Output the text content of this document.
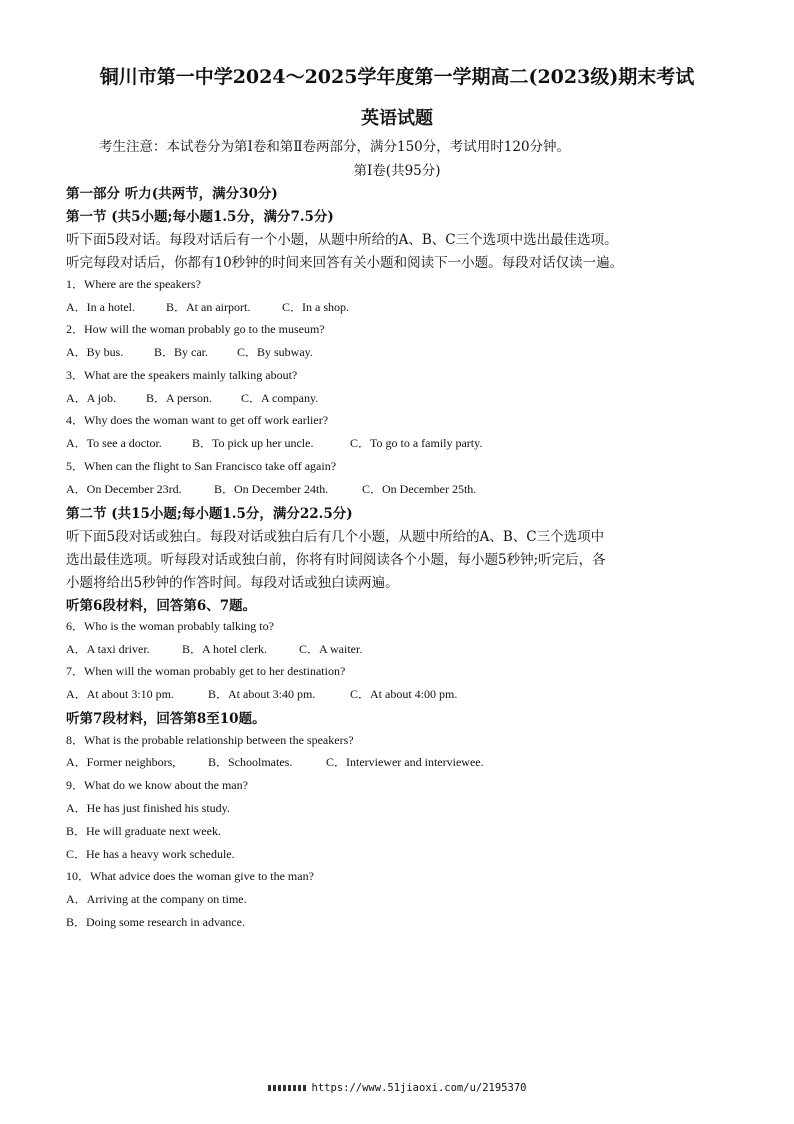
铜川市第一中学2024～2025学年度第一学期高二(2023级)期末考试
英语试题
考生注意：本试卷分为第Ⅰ卷和第Ⅱ卷两部分，满分150分，考试用时120分钟。
第Ⅰ卷(共95分)
第一部分 听力(共两节，满分30分)
第一节 (共5小题;每小题1.5分，满分7.5分)
听下面5段对话。每段对话后有一个小题，从题中所给的A、B、C三个选项中选出最佳选项。
听完每段对话后，你都有10秒钟的时间来回答有关小题和阅读下一小题。每段对话仅读一遍。
1．Where are the speakers?
A．In a hotel.	B．At an airport.	C．In a shop.
2．How will the woman probably go to the museum?
A．By bus.	B．By car. C．By subway.
3．What are the speakers mainly talking about?
A．A job. B．A person. C．A company.
4．Why does the woman want to get off work earlier?
A．To see a doctor.	B．To pick up her uncle.	C．To go to a family party.
5．When can the flight to San Francisco take off again?
A．On December 23rd.	B．On December 24th.	C．On December 25th.
第二节 (共15小题;每小题1.5分，满分22.5分)
听下面5段对话或独白。每段对话或独白后有几个小题，从题中所给的A、B、C三个选项中
选出最佳选项。听每段对话或独白前，你将有时间阅读各个小题，每小题5秒钟;听完后，各
小题将给出5秒钟的作答时间。每段对话或独白读两遍。
听第6段材料，回答第6、7题。
6．Who is the woman probably talking to?
A．A taxi driver.	B．A hotel clerk.	C．A waiter.
7．When will the woman probably get to her destination?
A．At about 3:10 pm.	B．At about 3:40 pm.	C．At about 4:00 pm.
听第7段材料，回答第8至10题。
8．What is the probable relationship between the speakers?
A．Former neighbors,	B．Schoolmates.	C．Interviewer and interviewee.
9．What do we know about the man?
A．He has just finished his study.
B．He will graduate next week.
C．He has a heavy work schedule.
10．What advice does the woman give to the man?
A．Arriving at the company on time.
B．Doing some research in advance.
https://www.51jiaoxi.com/u/2195370
